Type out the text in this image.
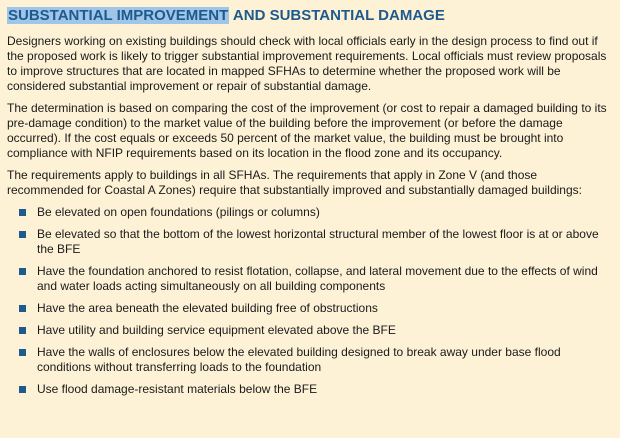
SUBSTANTIAL IMPROVEMENT AND SUBSTANTIAL DAMAGE

Designers working on existing buildings should check with local officials early in the design process to find out if the proposed work is likely to trigger substantial improvement requirements. Local officials must review proposals to improve structures that are located in mapped SFHAs to determine whether the proposed work will be considered substantial improvement or repair of substantial damage.

The determination is based on comparing the cost of the improvement (or cost to repair a damaged building to its pre-damage condition) to the market value of the building before the improvement (or before the damage occurred). If the cost equals or exceeds 50 percent of the market value, the building must be brought into compliance with NFIP requirements based on its location in the flood zone and its occupancy.

The requirements apply to buildings in all SFHAs. The requirements that apply in Zone V (and those recommended for Coastal A Zones) require that substantially improved and substantially damaged buildings:

Be elevated on open foundations (pilings or columns)
Be elevated so that the bottom of the lowest horizontal structural member of the lowest floor is at or above the BFE
Have the foundation anchored to resist flotation, collapse, and lateral movement due to the effects of wind and water loads acting simultaneously on all building components
Have the area beneath the elevated building free of obstructions
Have utility and building service equipment elevated above the BFE
Have the walls of enclosures below the elevated building designed to break away under base flood conditions without transferring loads to the foundation
Use flood damage-resistant materials below the BFE
